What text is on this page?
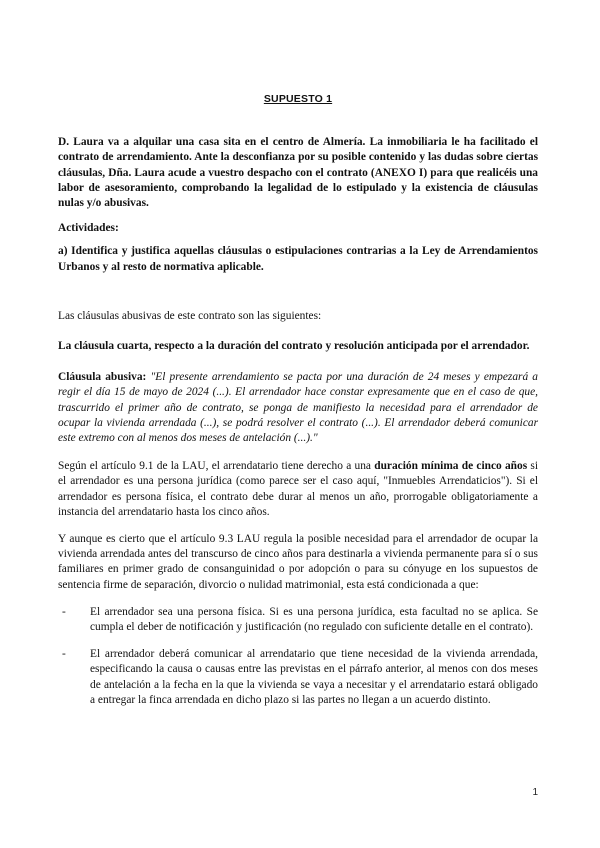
SUPUESTO 1

D. Laura va a alquilar una casa sita en el centro de Almería. La inmobiliaria le ha facilitado el contrato de arrendamiento. Ante la desconfianza por su posible contenido y las dudas sobre ciertas cláusulas, Dña. Laura acude a vuestro despacho con el contrato (ANEXO I) para que realicéis una labor de asesoramiento, comprobando la legalidad de lo estipulado y la existencia de cláusulas nulas y/o abusivas.

Actividades:

a) Identifica y justifica aquellas cláusulas o estipulaciones contrarias a la Ley de Arrendamientos Urbanos y al resto de normativa aplicable.

Las cláusulas abusivas de este contrato son las siguientes:

La cláusula cuarta, respecto a la duración del contrato y resolución anticipada por el arrendador.

Cláusula abusiva: "El presente arrendamiento se pacta por una duración de 24 meses y empezará a regir el día 15 de mayo de 2024 (...). El arrendador hace constar expresamente que en el caso de que, trascurrido el primer año de contrato, se ponga de manifiesto la necesidad para el arrendador de ocupar la vivienda arrendada (...), se podrá resolver el contrato (...). El arrendador deberá comunicar este extremo con al menos dos meses de antelación (...)."

Según el artículo 9.1 de la LAU, el arrendatario tiene derecho a una duración mínima de cinco años si el arrendador es una persona jurídica (como parece ser el caso aquí, "Inmuebles Arrendaticios"). Si el arrendador es persona física, el contrato debe durar al menos un año, prorrogable obligatoriamente a instancia del arrendatario hasta los cinco años.

Y aunque es cierto que el artículo 9.3 LAU regula la posible necesidad para el arrendador de ocupar la vivienda arrendada antes del transcurso de cinco años para destinarla a vivienda permanente para sí o sus familiares en primer grado de consanguinidad o por adopción o para su cónyuge en los supuestos de sentencia firme de separación, divorcio o nulidad matrimonial, esta está condicionada a que:

- El arrendador sea una persona física. Si es una persona jurídica, esta facultad no se aplica. Se cumpla el deber de notificación y justificación (no regulado con suficiente detalle en el contrato).
- El arrendador deberá comunicar al arrendatario que tiene necesidad de la vivienda arrendada, especificando la causa o causas entre las previstas en el párrafo anterior, al menos con dos meses de antelación a la fecha en la que la vivienda se vaya a necesitar y el arrendatario estará obligado a entregar la finca arrendada en dicho plazo si las partes no llegan a un acuerdo distinto.
1
